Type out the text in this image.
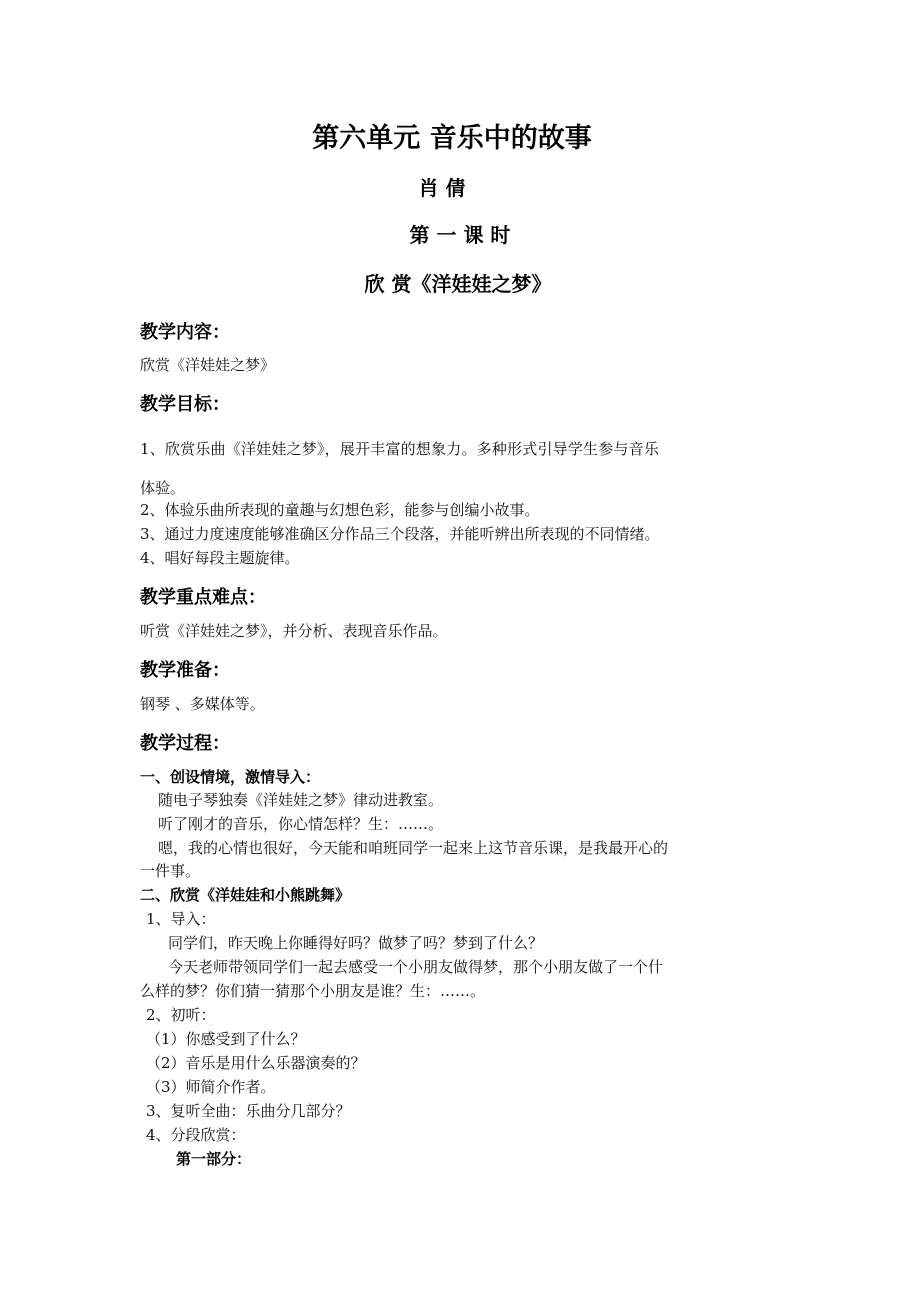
第六单元 音乐中的故事
肖 倩
第 一 课 时
欣 赏《洋娃娃之梦》
教学内容：
欣赏《洋娃娃之梦》
教学目标：
1、欣赏乐曲《洋娃娃之梦》，展开丰富的想象力。多种形式引导学生参与音乐
体验。
2、体验乐曲所表现的童趣与幻想色彩，能参与创编小故事。
3、通过力度速度能够准确区分作品三个段落，并能听辨出所表现的不同情绪。
4、唱好每段主题旋律。
教学重点难点：
听赏《洋娃娃之梦》，并分析、表现音乐作品。
教学准备：
钢琴 、多媒体等。
教学过程：
一、创设情境，激情导入：
随电子琴独奏《洋娃娃之梦》律动进教室。
听了刚才的音乐，你心情怎样？生：……。
嗯，我的心情也很好，今天能和咱班同学一起来上这节音乐课，是我最开心的
一件事。
二、欣赏《洋娃娃和小熊跳舞》
1、导入：
同学们，昨天晚上你睡得好吗？做梦了吗？梦到了什么？
今天老师带领同学们一起去感受一个小朋友做得梦，那个小朋友做了一个什
么样的梦？你们猜一猜那个小朋友是谁？生：……。
2、初听：
（1）你感受到了什么？
（2）音乐是用什么乐器演奏的？
（3）师简介作者。
3、复听全曲：乐曲分几部分？
4、分段欣赏：
第一部分：
